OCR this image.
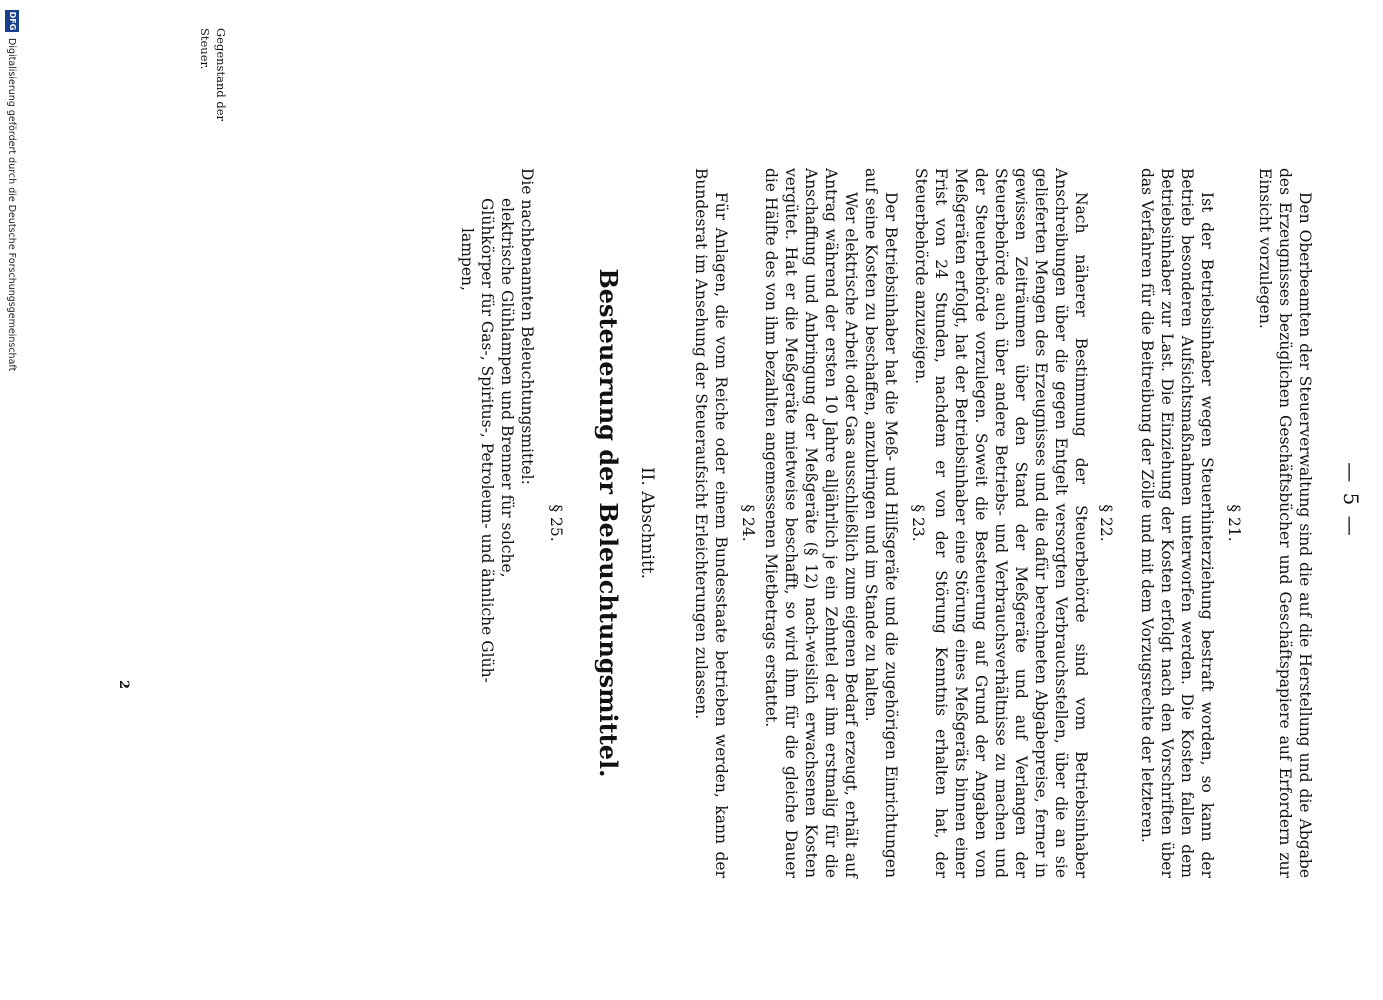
— 5 —

Den Oberbeamten der Steuerverwaltung sind die auf die Herstellung und die Abgabe des Erzeugnisses bezüglichen Geschäftsbücher und Geschäftspapiere auf Erfordern zur Einsicht vorzulegen.

§ 21.

Ist der Betriebsinhaber wegen Steuerhinterziehung bestraft worden, so kann der Betrieb besonderen Aufsichtsmaßnahmen unterworfen werden. Die Kosten fallen dem Betriebsinhaber zur Last. Die Einziehung der Kosten erfolgt nach den Vorschriften über das Verfahren für die Beitreibung der Zölle und mit dem Vorzugsrechte der letzteren.

§ 22.

Nach näherer Bestimmung der Steuerbehörde sind vom Betriebsinhaber Anschreibungen über die gegen Entgelt versorgten Verbrauchsstellen, über die an sie gelieferten Mengen des Erzeugnisses und die dafür berechneten Abgabepreise, ferner in gewissen Zeiträumen über den Stand der Meßgeräte und auf Verlangen der Steuerbehörde auch über andere Betriebs- und Verbrauchsverhältnisse zu machen und der Steuerbehörde vorzulegen. Soweit die Besteuerung auf Grund der Angaben von Meßgeräten erfolgt, hat der Betriebsinhaber eine Störung eines Meßgeräts binnen einer Frist von 24 Stunden, nachdem er von der Störung Kenntnis erhalten hat, der Steuerbehörde anzuzeigen.

§ 23.

Der Betriebsinhaber hat die Meß- und Hilfsgeräte und die zugehörigen Einrichtungen auf seine Kosten zu beschaffen, anzubringen und im Stande zu halten.

Wer elektrische Arbeit oder Gas ausschließlich zum eigenen Bedarf erzeugt, erhält auf Antrag während der ersten 10 Jahre alljährlich je ein Zehntel der ihm erstmalig für die Anschaffung und Anbringung der Meßgeräte (§ 12) nach-weislich erwachsenen Kosten vergütet. Hat er die Meßgeräte mietweise beschafft, so wird ihm für die gleiche Dauer die Hälfte des von ihm bezahlten angemessenen Mietbetrags erstattet.

§ 24.

Für Anlagen, die vom Reiche oder einem Bundesstaate betrieben werden, kann der Bundesrat im Ansehung der Steueraufsicht Erleichterungen zulassen.

II. Abschnitt.
Besteuerung der Beleuchtungsmittel.
§ 25.
Gegenstand der Steuer.

Die nachbenannten Beleuchtungsmittel:

elektrische Glühlampen und Brenner für solche,

Glühkörper für Gas-, Spiritus-, Petroleum- und ähnliche Glüh-

lampen,

2
DFG
Digitalisierung gefördert durch die Deutsche Forschungsgemeinschaft
